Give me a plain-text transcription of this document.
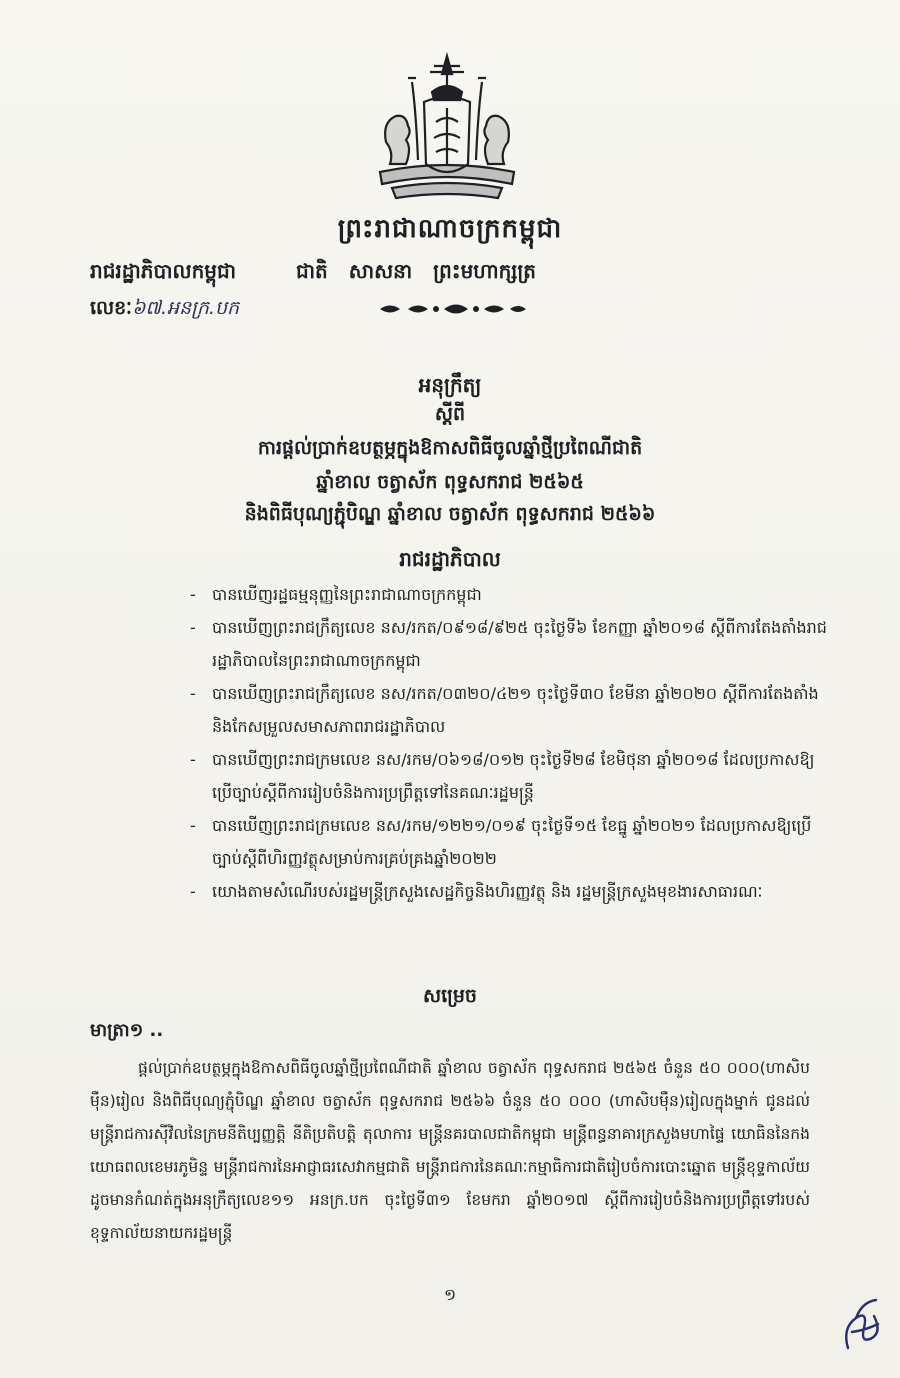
ព្រះរាជាណាចក្រកម្ពុជា
រាជរដ្ឋាភិបាលកម្ពុជា	ជាតិ សាសនា ព្រះមហាក្សត្រ
លេខៈ៦៧.អនក្រ.បក
អនុក្រឹត្យ
ស្តីពី
ការផ្តល់ប្រាក់ឧបត្ថម្ភក្នុងឱកាសពិធីចូលឆ្នាំថ្មីប្រពៃណីជាតិ
ឆ្នាំខាល ចត្វាស័ក ពុទ្ធសករាជ ២៥៦៥
និងពិធីបុណ្យភ្ជុំបិណ្ឌ ឆ្នាំខាល ចត្វាស័ក ពុទ្ធសករាជ ២៥៦៦
រាជរដ្ឋាភិបាល
- បានឃើញរដ្ឋធម្មនុញ្ញនៃព្រះរាជាណាចក្រកម្ពុជា
- បានឃើញព្រះរាជក្រឹត្យលេខ នស/រកត/០៩១៨/៩២៥ ចុះថ្ងៃទី៦ ខែកញ្ញា ឆ្នាំ២០១៨ ស្តីពីការតែងតាំងរាជរដ្ឋាភិបាលនៃព្រះរាជាណាចក្រកម្ពុជា
- បានឃើញព្រះរាជក្រឹត្យលេខ នស/រកត/០៣២០/៤២១ ចុះថ្ងៃទី៣០ ខែមីនា ឆ្នាំ២០២០ ស្តីពីការតែងតាំងនិងកែសម្រួលសមាសភាពរាជរដ្ឋាភិបាល
- បានឃើញព្រះរាជក្រមលេខ នស/រកម/០៦១៨/០១២ ចុះថ្ងៃទី២៨ ខែមិថុនា ឆ្នាំ២០១៨ ដែលប្រកាសឱ្យប្រើច្បាប់ស្តីពីការរៀបចំនិងការប្រព្រឹត្តទៅនៃគណៈរដ្ឋមន្ត្រី
- បានឃើញព្រះរាជក្រមលេខ នស/រកម/១២២១/០១៩ ចុះថ្ងៃទី១៥ ខែធ្នូ ឆ្នាំ២០២១ ដែលប្រកាសឱ្យប្រើច្បាប់ស្តីពីហិរញ្ញវត្ថុសម្រាប់ការគ្រប់គ្រងឆ្នាំ២០២២
- យោងតាមសំណើរបស់រដ្ឋមន្ត្រីក្រសួងសេដ្ឋកិច្ចនិងហិរញ្ញវត្ថុ និង រដ្ឋមន្ត្រីក្រសួងមុខងារសាធារណៈ
សម្រេច
មាត្រា១ ..
ផ្តល់ប្រាក់ឧបត្ថម្ភក្នុងឱកាសពិធីចូលឆ្នាំថ្មីប្រពៃណីជាតិ ឆ្នាំខាល ចត្វាស័ក ពុទ្ធសករាជ ២៥៦៥ ចំនួន ៥០ ០០០(ហាសិបម៉ឺន)រៀល និងពិធីបុណ្យភ្ជុំបិណ្ឌ ឆ្នាំខាល ចត្វាស័ក ពុទ្ធសករាជ ២៥៦៦ ចំនួន ៥០ ០០០ (ហាសិបម៉ឺន)រៀលក្នុងម្នាក់ ជូនដល់មន្ត្រីរាជការស៊ីវិលនៃក្រមនីតិប្បញ្ញត្តិ នីតិប្រតិបត្តិ តុលាការ មន្ត្រីនគរបាលជាតិកម្ពុជា មន្ត្រីពន្ធនាគារក្រសួងមហាផ្ទៃ យោធិននៃកងយោធពលខេមរភូមិន្ទ មន្ត្រីរាជការនៃអាជ្ញាធរសេវាកម្មជាតិ មន្ត្រីរាជការនៃគណៈកម្មាធិការជាតិរៀបចំការបោះឆ្នោត មន្ត្រីខុទ្ទកាល័យដូចមានកំណត់ក្នុងអនុក្រឹត្យលេខ១១ អនក្រ.បក ចុះថ្ងៃទី៣១ ខែមករា ឆ្នាំ២០១៧ ស្តីពីការរៀបចំនិងការប្រព្រឹត្តទៅរបស់ខុទ្ទកាល័យនាយករដ្ឋមន្ត្រី
១
